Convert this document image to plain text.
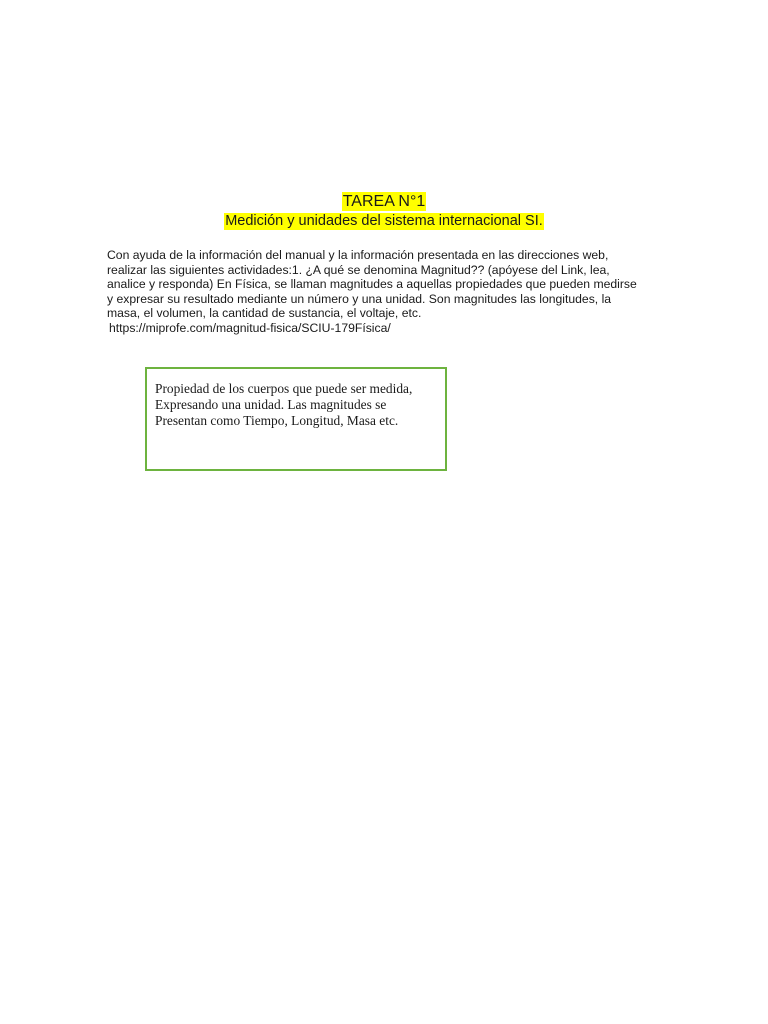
TAREA N°1
Medición y unidades del sistema internacional SI.

Con ayuda de la información del manual y la información presentada en las direcciones web,
realizar las siguientes actividades:1. ¿A qué se denomina Magnitud?? (apóyese del Link, lea,
analice y responda) En Física, se llaman magnitudes a aquellas propiedades que pueden medirse
y expresar su resultado mediante un número y una unidad. Son magnitudes las longitudes, la
masa, el volumen, la cantidad de sustancia, el voltaje, etc.

https://miprofe.com/magnitud-fisica/SCIU-179Física/

Propiedad de los cuerpos que puede ser medida,
Expresando una unidad. Las magnitudes se
Presentan como Tiempo, Longitud, Masa etc.
